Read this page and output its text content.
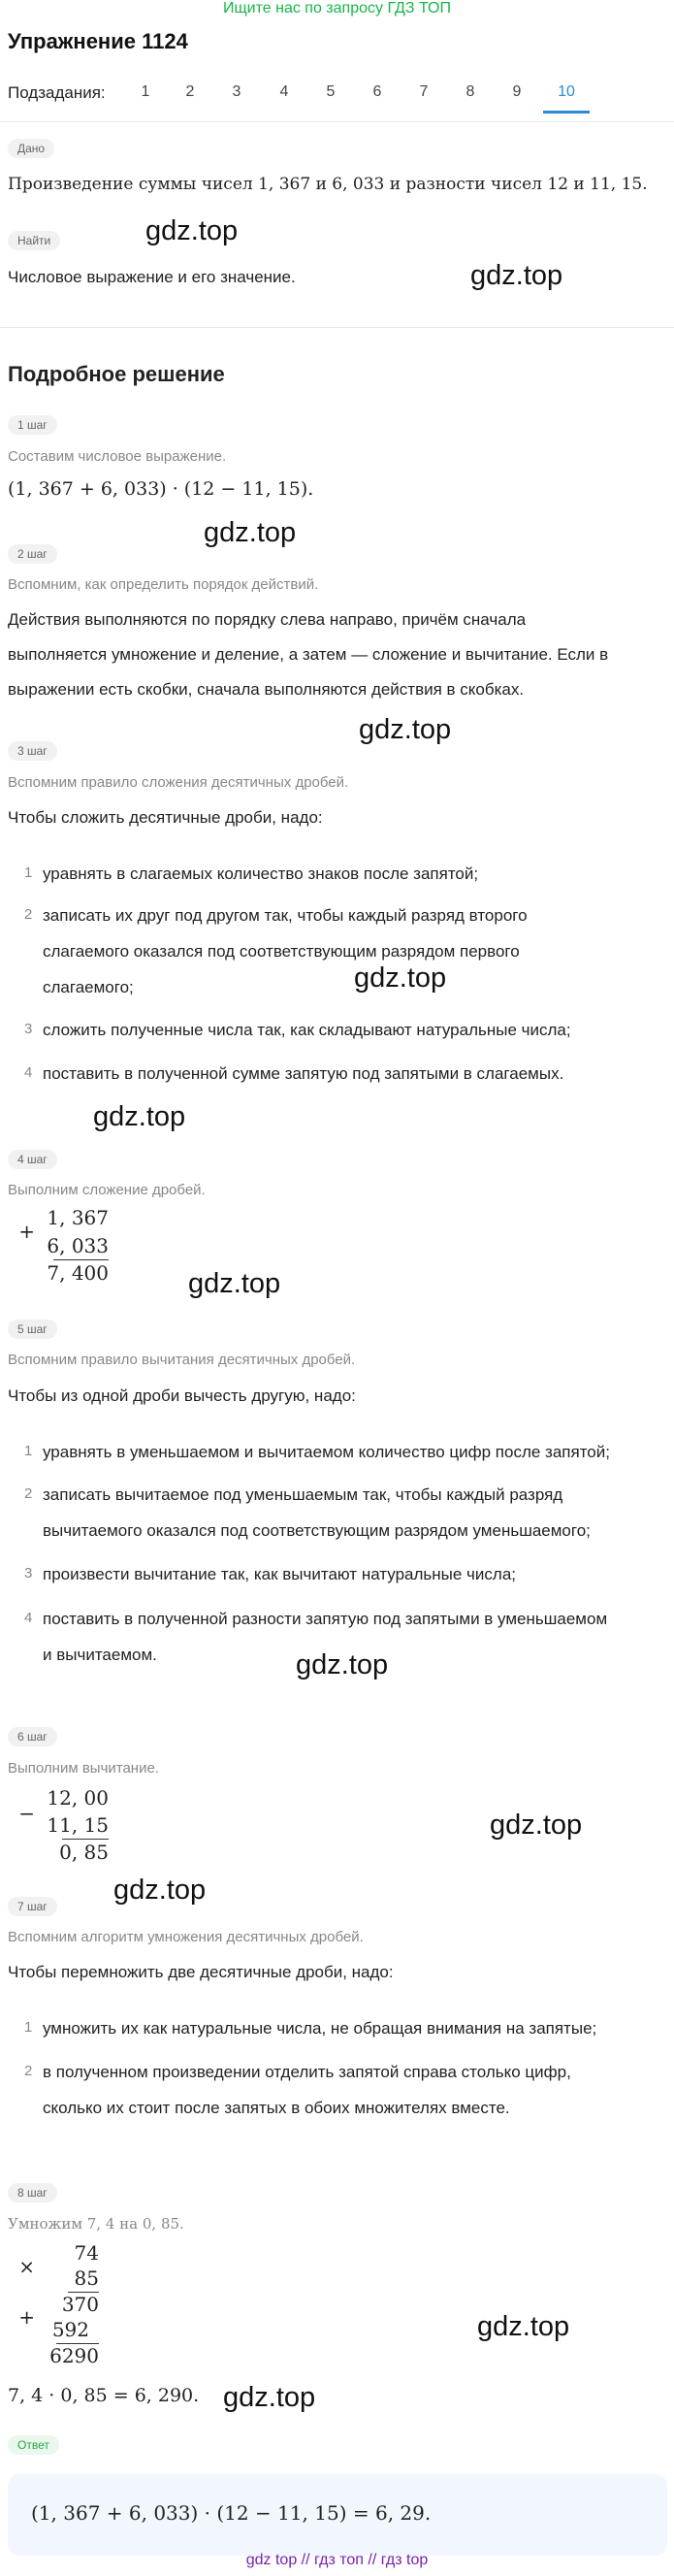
Ищите нас по запросу ГДЗ ТОП
Упражнение 1124
Подзадания:	1	2	3	4	5	6	7	8	9	10
Дано
Произведение суммы чисел 1, 367 и 6, 033 и разности чисел 12 и 11, 15.
Найти	gdz.top
Числовое выражение и его значение.	gdz.top
Подробное решение
1 шаг
Составим числовое выражение.
(1, 367 + 6, 033) · (12 − 11, 15).
gdz.top
2 шаг
Вспомним, как определить порядок действий.
Действия выполняются по порядку слева направо, причём сначала
выполняется умножение и деление, а затем — сложение и вычитание. Если в
выражении есть скобки, сначала выполняются действия в скобках.
gdz.top
3 шаг
Вспомним правило сложения десятичных дробей.
Чтобы сложить десятичные дроби, надо:
1 уравнять в слагаемых количество знаков после запятой;
2 записать их друг под другом так, чтобы каждый разряд второго
слагаемого оказался под соответствующим разрядом первого
слагаемого;	gdz.top
3 сложить полученные числа так, как складывают натуральные числа;
4 поставить в полученной сумме запятую под запятыми в слагаемых.
gdz.top
4 шаг
Выполним сложение дробей.
+
1, 367
6, 033
7, 400	gdz.top
5 шаг
Вспомним правило вычитания десятичных дробей.
Чтобы из одной дроби вычесть другую, надо:
1 уравнять в уменьшаемом и вычитаемом количество цифр после запятой;
2 записать вычитаемое под уменьшаемым так, чтобы каждый разряд
вычитаемого оказался под соответствующим разрядом уменьшаемого;
3 произвести вычитание так, как вычитают натуральные числа;
4 поставить в полученной разности запятую под запятыми в уменьшаемом
и вычитаемом.	gdz.top
6 шаг
Выполним вычитание.
−
12, 00
11, 15
0, 85
gdz.top
gdz.top
7 шаг
Вспомним алгоритм умножения десятичных дробей.
Чтобы перемножить две десятичные дроби, надо:
1 умножить их как натуральные числа, не обращая внимания на запятые;
2 в полученном произведении отделить запятой справа столько цифр,
сколько их стоит после запятых в обоих множителях вместе.
8 шаг
Умножим 7, 4 на 0, 85.
×
74
85
370
+
592
6290
gdz.top
7, 4 · 0, 85 = 6, 290. gdz.top
Ответ
(1, 367 + 6, 033) · (12 − 11, 15) = 6, 29.
gdz top // гдз топ // гдз top
